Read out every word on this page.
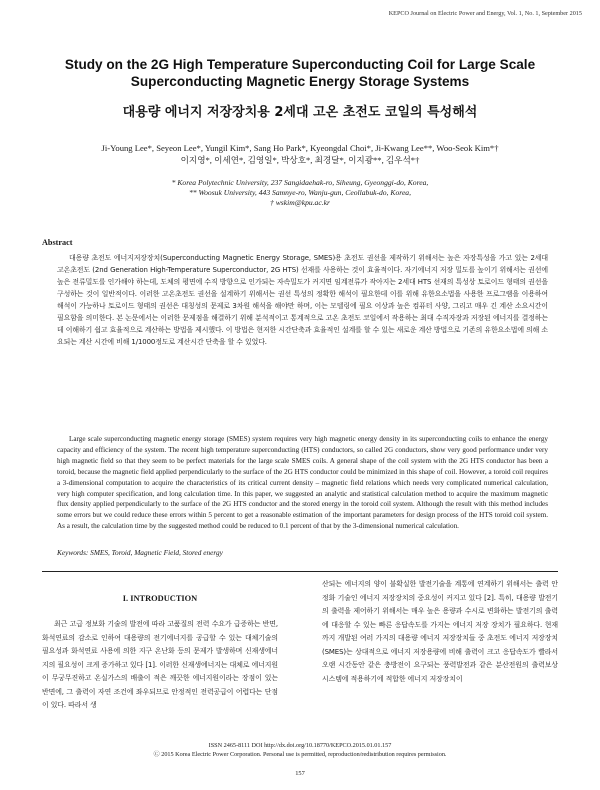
KEPCO Journal on Electric Power and Energy, Vol. 1, No. 1, September 2015
Study on the 2G High Temperature Superconducting Coil for Large Scale
Superconducting Magnetic Energy Storage Systems
대용량 에너지 저장장치용 2세대 고온 초전도 코일의 특성해석
Ji-Young Lee*, Seyeon Lee*, Yungil Kim*, Sang Ho Park*, Kyeongdal Choi*, Ji-Kwang Lee**, Woo-Seok Kim*†
이지영*, 이세연*, 김영일*, 박상호*, 최경달*, 이지광**, 김우석*†
* Korea Polytechnic University, 237 Sangidaehak-ro, Siheung, Gyeonggi-do, Korea,
** Woosuk University, 443 Samnye-ro, Wanju-gun, Ceollabuk-do, Korea,
† wskim@kpu.ac.kr
Abstract

대용량 초전도 에너지저장장치(Superconducting Magnetic Energy Storage, SMES)용 초전도 권선을 제작하기 위해서는 높은 자장특성을 가고 있는 2세대 고온초전도 (2nd Generation High-Temperature Superconductor, 2G HTS) 선재를 사용하는 것이 효율적이다. 자기에너지 저장 밀도를 높이기 위해서는 권선에 높은 전류밀도를 인가해야 하는데, 도체의 평면에 수직 방향으로 인가되는 자속밀도가 커지면 임계전류가 작아지는 2세대 HTS 선재의 특성상 토로이드 형태의 권선을 구성하는 것이 일반적이다. 이러한 고온초전도 권선을 설계하기 위해서는 권선 특성의 정확한 해석이 필요한데 이를 위해 유한요소법을 사용한 프로그램을 이용하여 해석이 가능하나 토로이드 형태의 권선은 대칭성의 문제로 3차원 해석을 해야만 하며, 이는 모델링에 필요 이상과 높은 컴퓨터 사양, 그리고 매우 긴 계산 소요시간이 필요함을 의미한다. 본 논문에서는 이러한 문제점을 해결하기 위해 분석적이고 통계적으로 고온 초전도 코일에서 작용하는 최대 수직자장과 저장된 에너지를 결정하는데 이해하기 쉽고 효율적으로 계산하는 방법을 제시했다. 이 방법은 현저한 시간단축과 효율적인 설계를 할 수 있는 새로운 계산 방법으로 기존의 유한요소법에 의해 소요되는 계산 시간에 비해 1/1000정도로 계산시간 단축을 할 수 있었다.

Large scale superconducting magnetic energy storage (SMES) system requires very high magnetic energy density in its superconducting coils to enhance the energy capacity and efficiency of the system. The recent high temperature superconducting (HTS) conductors, so called 2G conductors, show very good performance under very high magnetic field so that they seem to be perfect materials for the large scale SMES coils. A general shape of the coil system with the 2G HTS conductor has been a toroid, because the magnetic field applied perpendicularly to the surface of the 2G HTS conductor could be minimized in this shape of coil. However, a toroid coil requires a 3-dimensional computation to acquire the characteristics of its critical current density – magnetic field relations which needs very complicated numerical calculation, very high computer specification, and long calculation time. In this paper, we suggested an analytic and statistical calculation method to acquire the maximum magnetic flux density applied perpendicularly to the surface of the 2G HTS conductor and the stored energy in the toroid coil system. Although the result with this method includes some errors but we could reduce these errors within 5 percent to get a reasonable estimation of the important parameters for design process of the HTS toroid coil system. As a result, the calculation time by the suggested method could be reduced to 0.1 percent of that by the 3-dimensional numerical calculation.

Keywords: SMES, Toroid, Magnetic Field, Stored energy
I. INTRODUCTION

최근 고급 정보화 기술의 발전에 따라 고품질의 전력 수요가 급증하는 반면, 화석연료의 감소로 인하여 대용량의 전기에너지를 공급할 수 있는 대체기술의 필요성과 화석연료 사용에 의한 지구 온난화 등의 문제가 발생하며 신재생에너지의 필요성이 크게 증가하고 있다 [1]. 이러한 신재생에너지는 대체로 에너지원이 무궁무진하고 온실가스의 배출이 적은 깨끗한 에너지원이라는 장점이 있는 반면에, 그 출력이 자연 조건에 좌우되므로 안정적인 전력공급이 어렵다는 단점이 있다. 따라서 생

산되는 에너지의 양이 불확실한 발전기술을 계통에 연계하기 위해서는 출력 안정화 기술인 에너지 저장장치의 중요성이 커지고 있다 [2]. 특히, 대용량 발전기의 출력을 제어하기 위해서는 매우 높은 용량과 수시로 변화하는 발전기의 출력에 대응할 수 있는 빠른 응답속도를 가지는 에너지 저장 장치가 필요하다. 현재까지 개발된 여러 가지의 대용량 에너지 저장장치들 중 초전도 에너지 저장장치(SMES)는 상대적으로 에너지 저장용량에 비해 출력이 크고 응답속도가 빨라서 오랜 시간동안 같은 충방전이 요구되는 풍력발전과 같은 분산전원의 출력보상 시스템에 적용하기에 적합한 에너지 저장장치이

ISSN 2465-8111 DOI http://dx.doi.org/10.18770/KEPCO.2015.01.01.157
Ⓒ 2015 Korea Electric Power Corporation. Personal use is permitted, reproduction/redistribution requires permission.
157
